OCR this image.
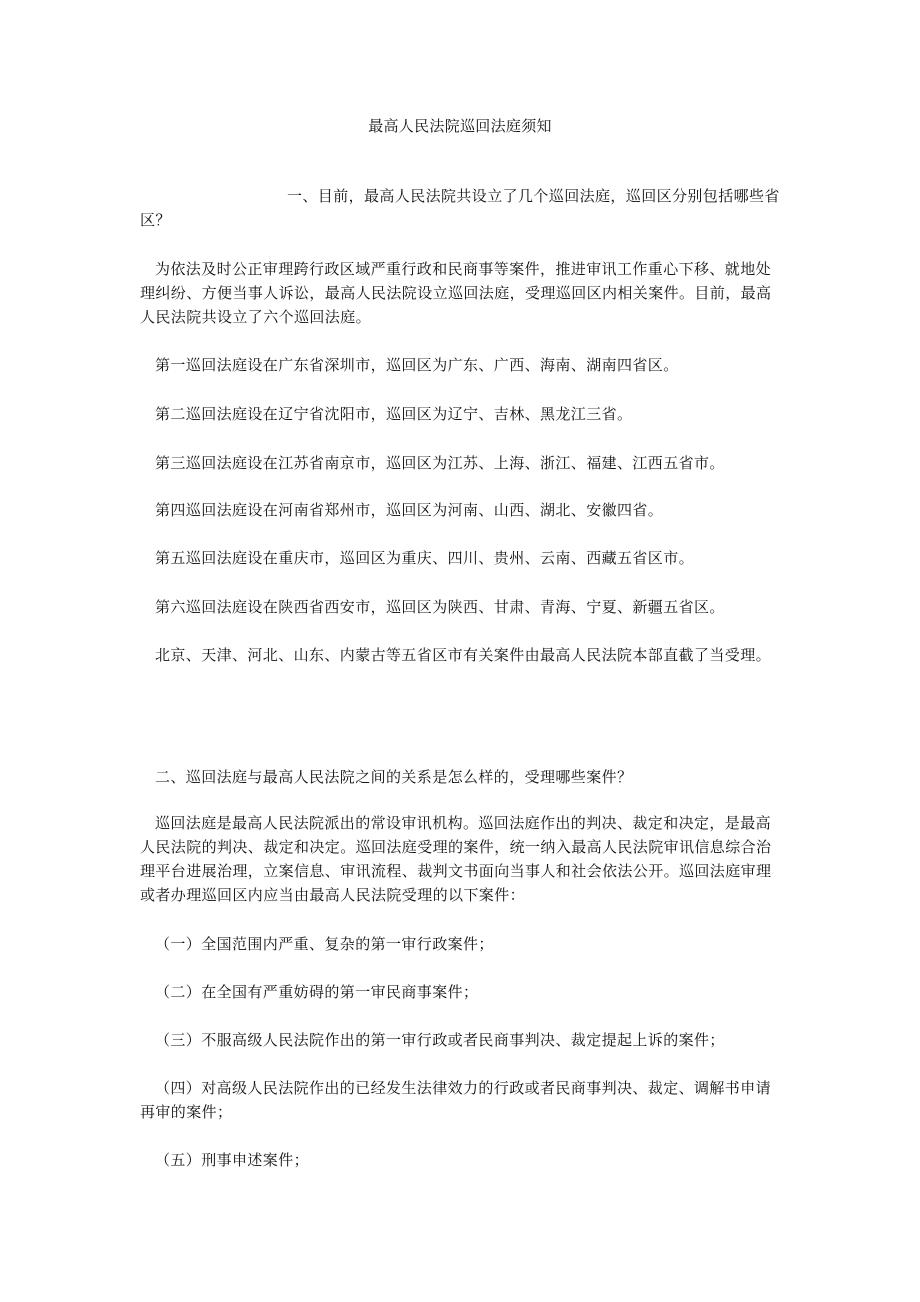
最高人民法院巡回法庭须知

一、目前，最高人民法院共设立了几个巡回法庭，巡回区分别包括哪些省区？

为依法及时公正审理跨行政区域严重行政和民商事等案件，推进审讯工作重心下移、就地处理纠纷、方便当事人诉讼，最高人民法院设立巡回法庭，受理巡回区内相关案件。目前，最高人民法院共设立了六个巡回法庭。

第一巡回法庭设在广东省深圳市，巡回区为广东、广西、海南、湖南四省区。

第二巡回法庭设在辽宁省沈阳市，巡回区为辽宁、吉林、黑龙江三省。

第三巡回法庭设在江苏省南京市，巡回区为江苏、上海、浙江、福建、江西五省市。

第四巡回法庭设在河南省郑州市，巡回区为河南、山西、湖北、安徽四省。

第五巡回法庭设在重庆市，巡回区为重庆、四川、贵州、云南、西藏五省区市。

第六巡回法庭设在陕西省西安市，巡回区为陕西、甘肃、青海、宁夏、新疆五省区。

北京、天津、河北、山东、内蒙古等五省区市有关案件由最高人民法院本部直截了当受理。

二、巡回法庭与最高人民法院之间的关系是怎么样的，受理哪些案件？

巡回法庭是最高人民法院派出的常设审讯机构。巡回法庭作出的判决、裁定和决定，是最高人民法院的判决、裁定和决定。巡回法庭受理的案件，统一纳入最高人民法院审讯信息综合治理平台进展治理，立案信息、审讯流程、裁判文书面向当事人和社会依法公开。巡回法庭审理或者办理巡回区内应当由最高人民法院受理的以下案件：

（一）全国范围内严重、复杂的第一审行政案件；

（二）在全国有严重妨碍的第一审民商事案件；

（三）不服高级人民法院作出的第一审行政或者民商事判决、裁定提起上诉的案件；

（四）对高级人民法院作出的已经发生法律效力的行政或者民商事判决、裁定、调解书申请再审的案件；

（五）刑事申述案件；
